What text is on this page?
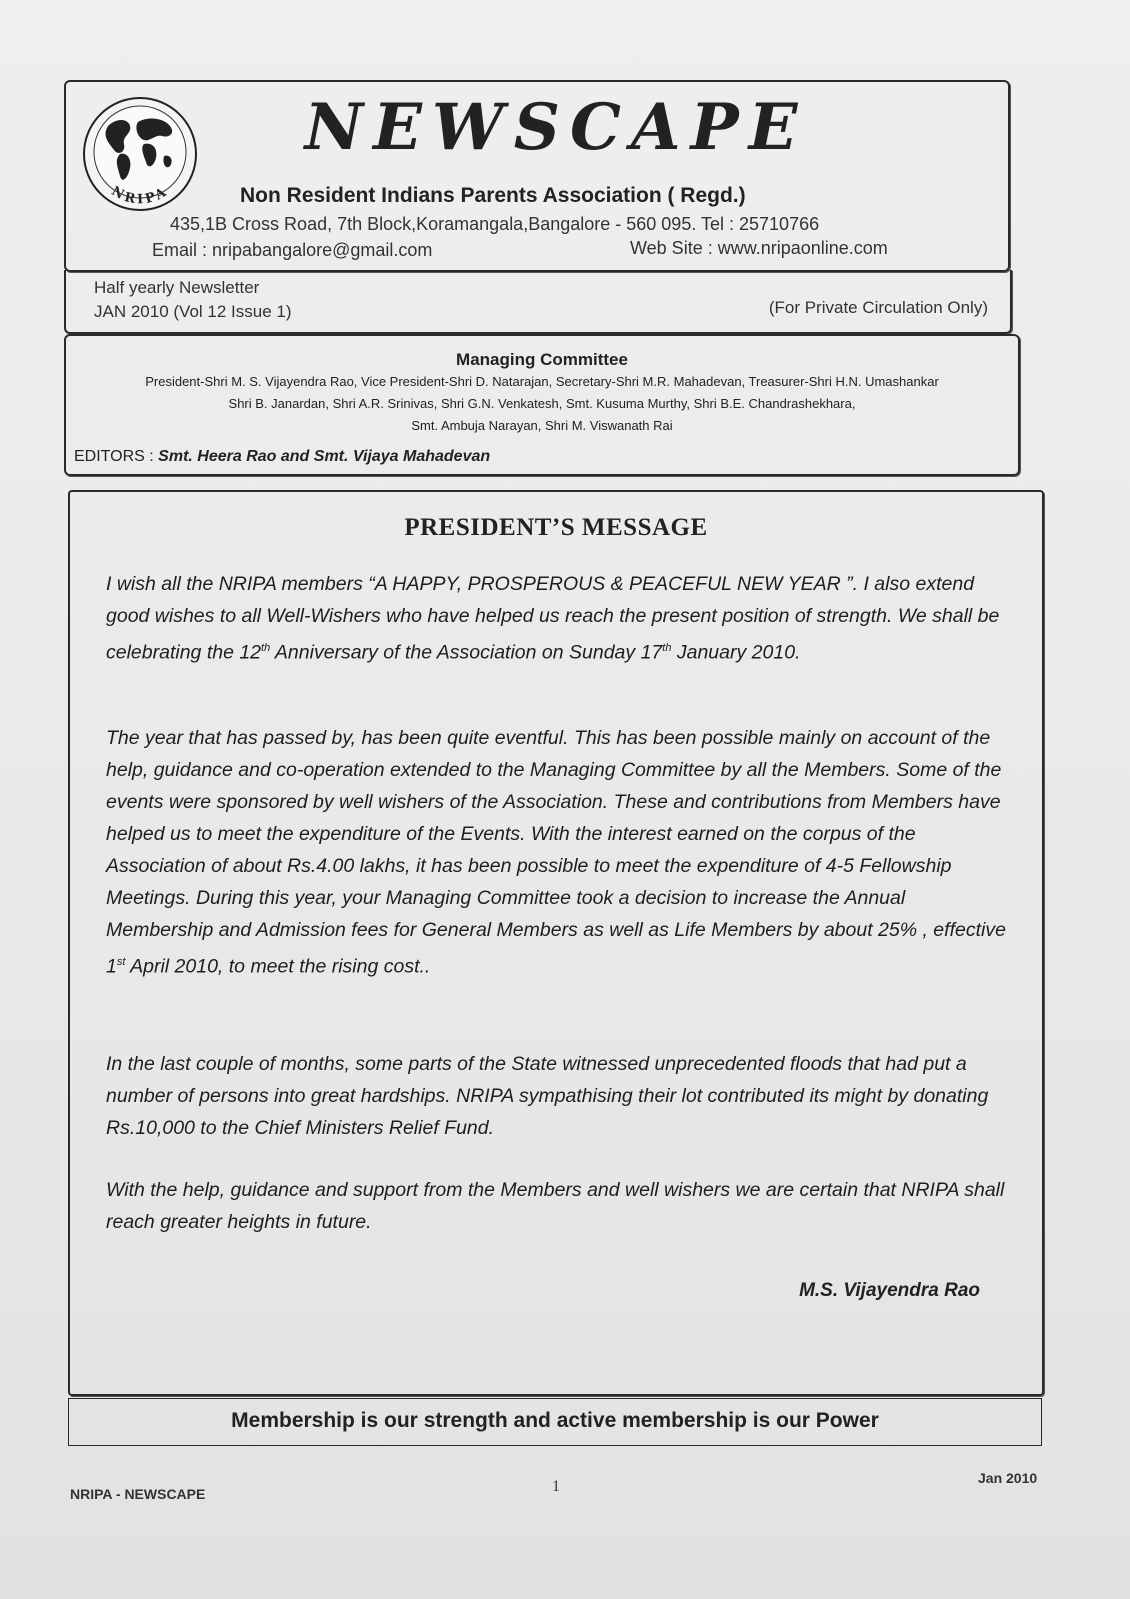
NRIPA
NEWSCAPE
Non Resident Indians Parents Association ( Regd.)
435,1B Cross Road, 7th Block,Koramangala,Bangalore - 560 095. Tel : 25710766
Email : nripabangalore@gmail.com	Web Site : www.nripaonline.com
Half yearly Newsletter
JAN 2010 (Vol 12 Issue 1)	(For Private Circulation Only)
Managing Committee
President-Shri M. S. Vijayendra Rao, Vice President-Shri D. Natarajan, Secretary-Shri M.R. Mahadevan, Treasurer-Shri H.N. Umashankar
Shri B. Janardan, Shri A.R. Srinivas, Shri G.N. Venkatesh, Smt. Kusuma Murthy, Shri B.E. Chandrashekhara,
Smt. Ambuja Narayan, Shri M. Viswanath Rai
EDITORS : Smt. Heera Rao and Smt. Vijaya Mahadevan
PRESIDENT’S MESSAGE
I wish all the NRIPA members “A HAPPY, PROSPEROUS & PEACEFUL NEW YEAR ”. I also extend good wishes to all Well-Wishers who have helped us reach the present position of strength. We shall be celebrating the 12th Anniversary of the Association on Sunday 17th January 2010.
The year that has passed by, has been quite eventful. This has been possible mainly on account of the help, guidance and co-operation extended to the Managing Committee by all the Members. Some of the events were sponsored by well wishers of the Association. These and contributions from Members have helped us to meet the expenditure of the Events. With the interest earned on the corpus of the Association of about Rs.4.00 lakhs, it has been possible to meet the expenditure of 4-5 Fellowship Meetings. During this year, your Managing Committee took a decision to increase the Annual Membership and Admission fees for General Members as well as Life Members by about 25% , effective 1st April 2010, to meet the rising cost..
In the last couple of months, some parts of the State witnessed unprecedented floods that had put a number of persons into great hardships. NRIPA sympathising their lot contributed its might by donating Rs.10,000 to the Chief Ministers Relief Fund.
With the help, guidance and support from the Members and well wishers we are certain that NRIPA shall reach greater heights in future.
M.S. Vijayendra Rao
Membership is our strength and active membership is our Power
NRIPA - NEWSCAPE	1	Jan 2010
